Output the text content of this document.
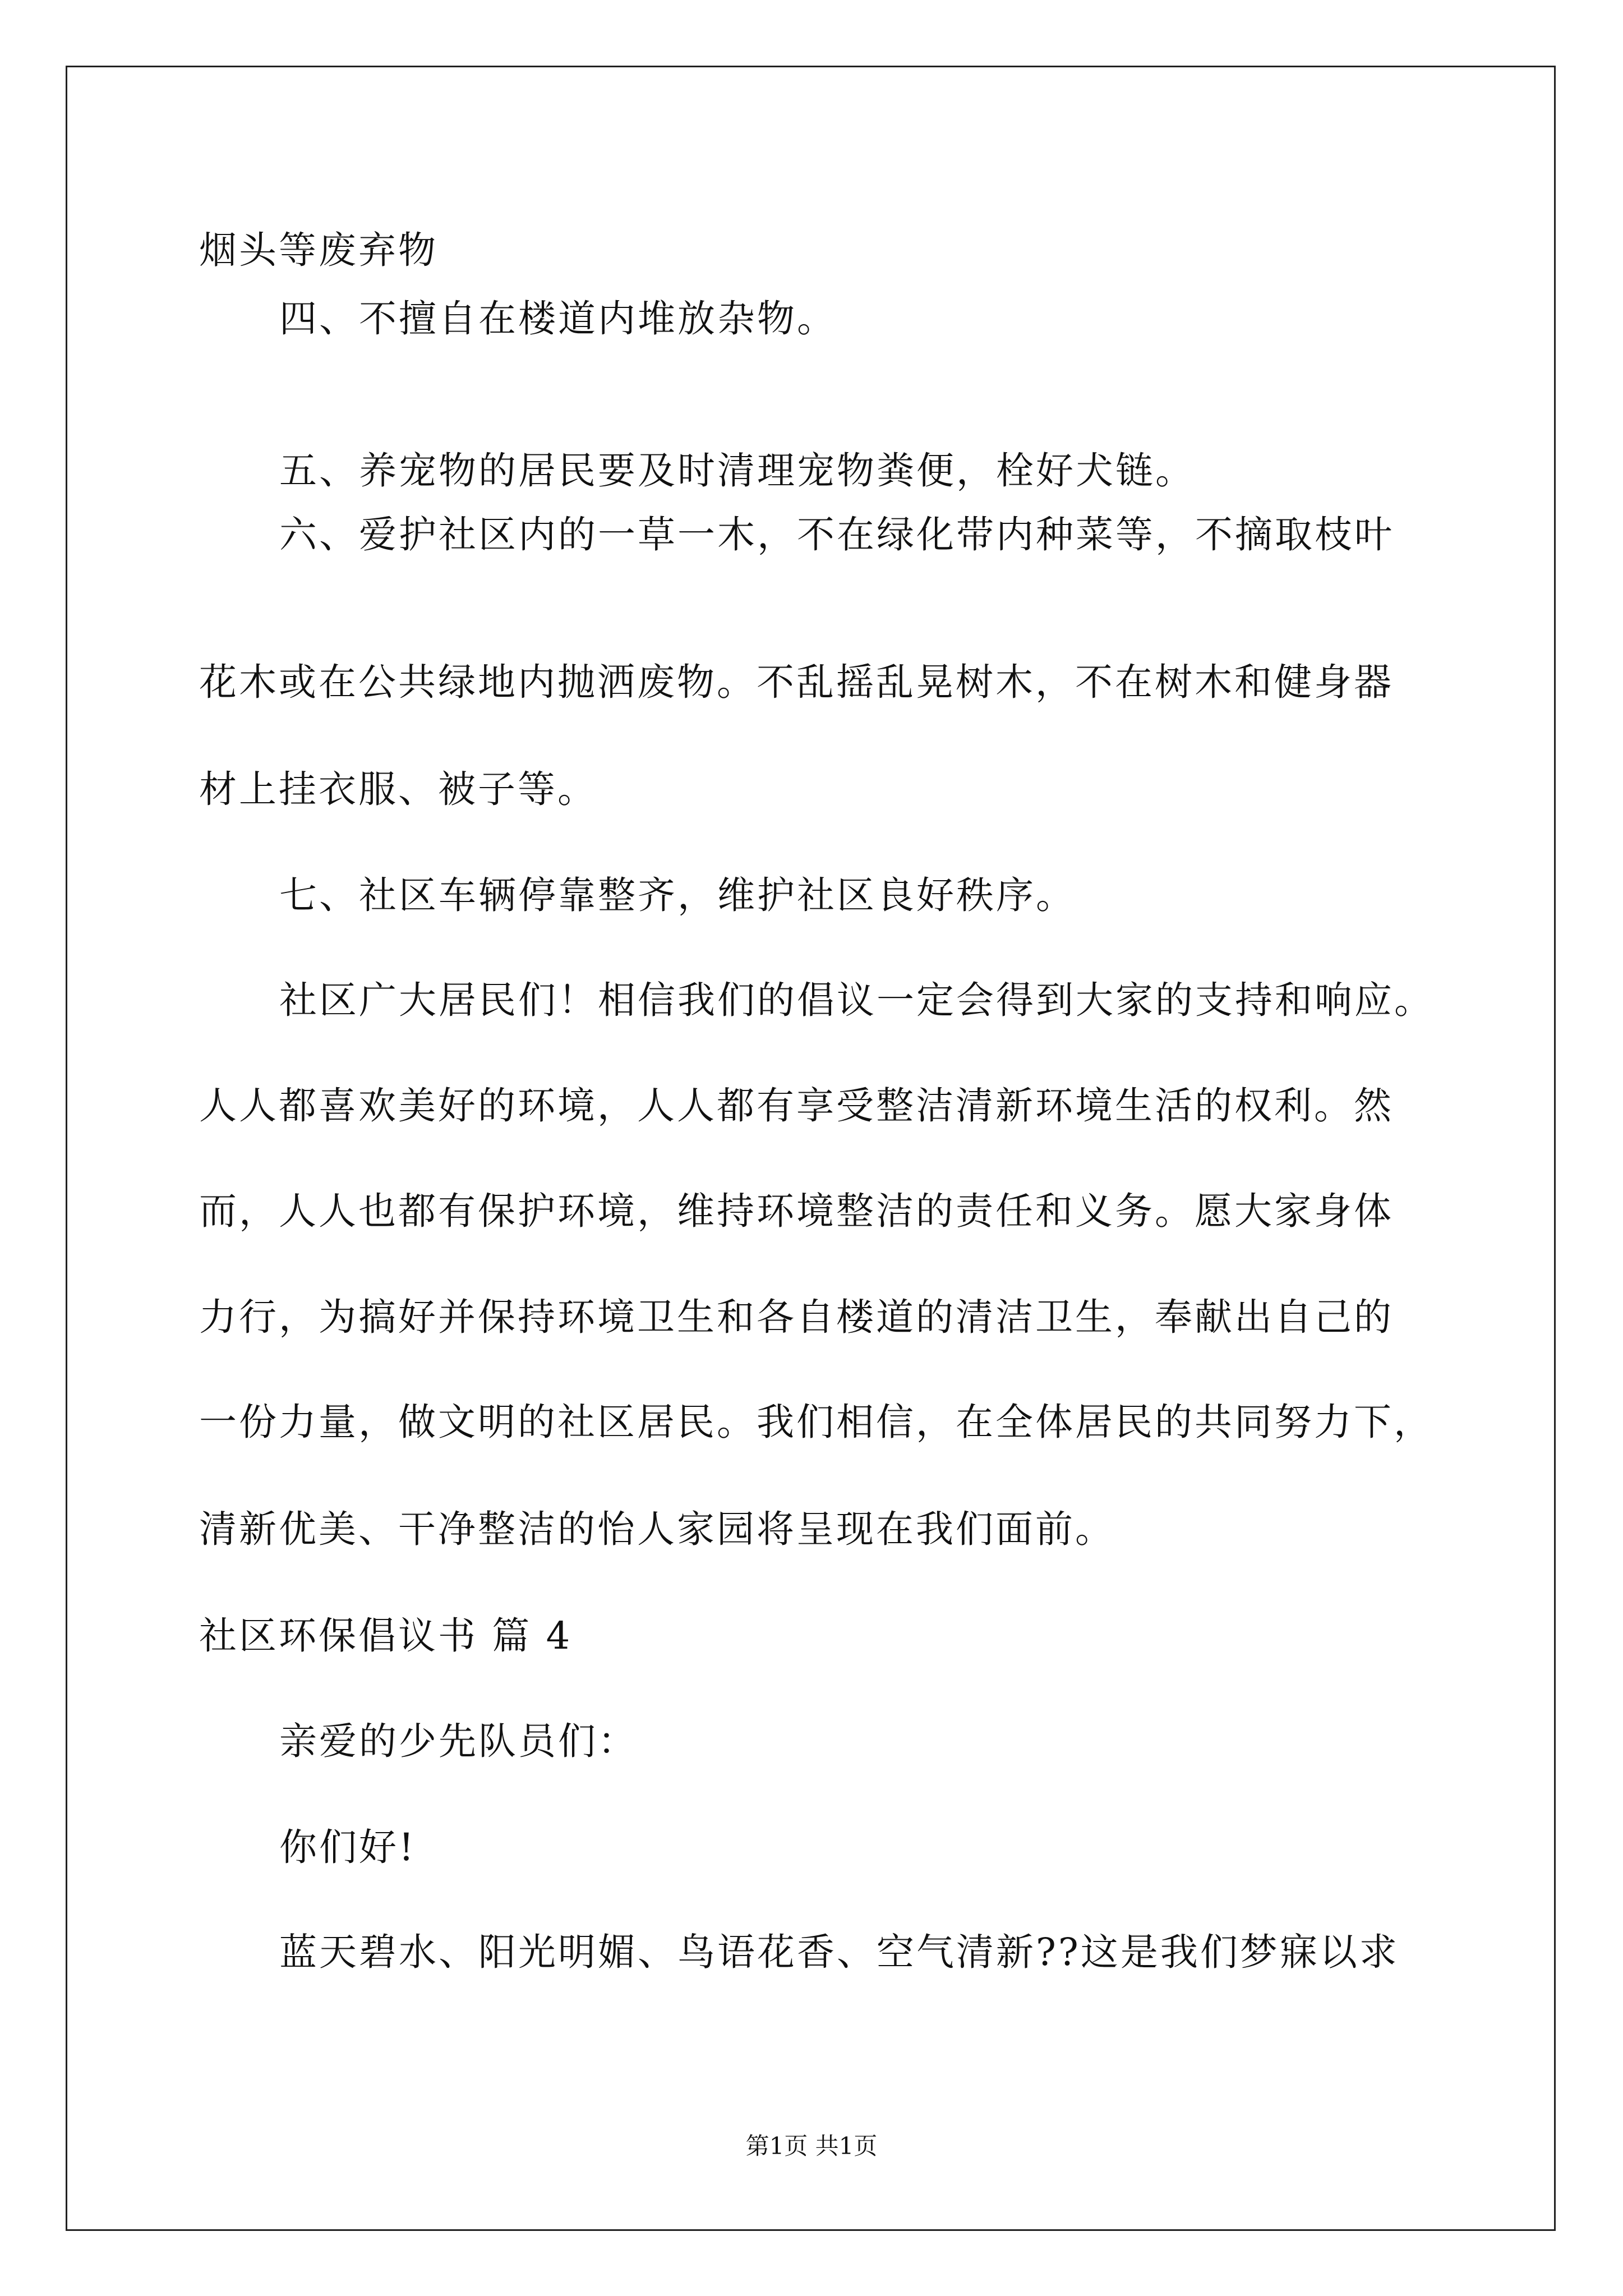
烟头等废弃物
四、不擅自在楼道内堆放杂物。
五、养宠物的居民要及时清理宠物粪便，栓好犬链。
六、爱护社区内的一草一木，不在绿化带内种菜等，不摘取枝叶
花木或在公共绿地内抛洒废物。不乱摇乱晃树木，不在树木和健身器
材上挂衣服、被子等。
七、社区车辆停靠整齐，维护社区良好秩序。
社区广大居民们！相信我们的倡议一定会得到大家的支持和响应。
人人都喜欢美好的环境，人人都有享受整洁清新环境生活的权利。然
而，人人也都有保护环境，维持环境整洁的责任和义务。愿大家身体
力行，为搞好并保持环境卫生和各自楼道的清洁卫生，奉献出自己的
一份力量，做文明的社区居民。我们相信，在全体居民的共同努力下，
清新优美、干净整洁的怡人家园将呈现在我们面前。
社区环保倡议书 篇 4
亲爱的少先队员们：
你们好!
蓝天碧水、阳光明媚、鸟语花香、空气清新??这是我们梦寐以求
第1页 共1页
